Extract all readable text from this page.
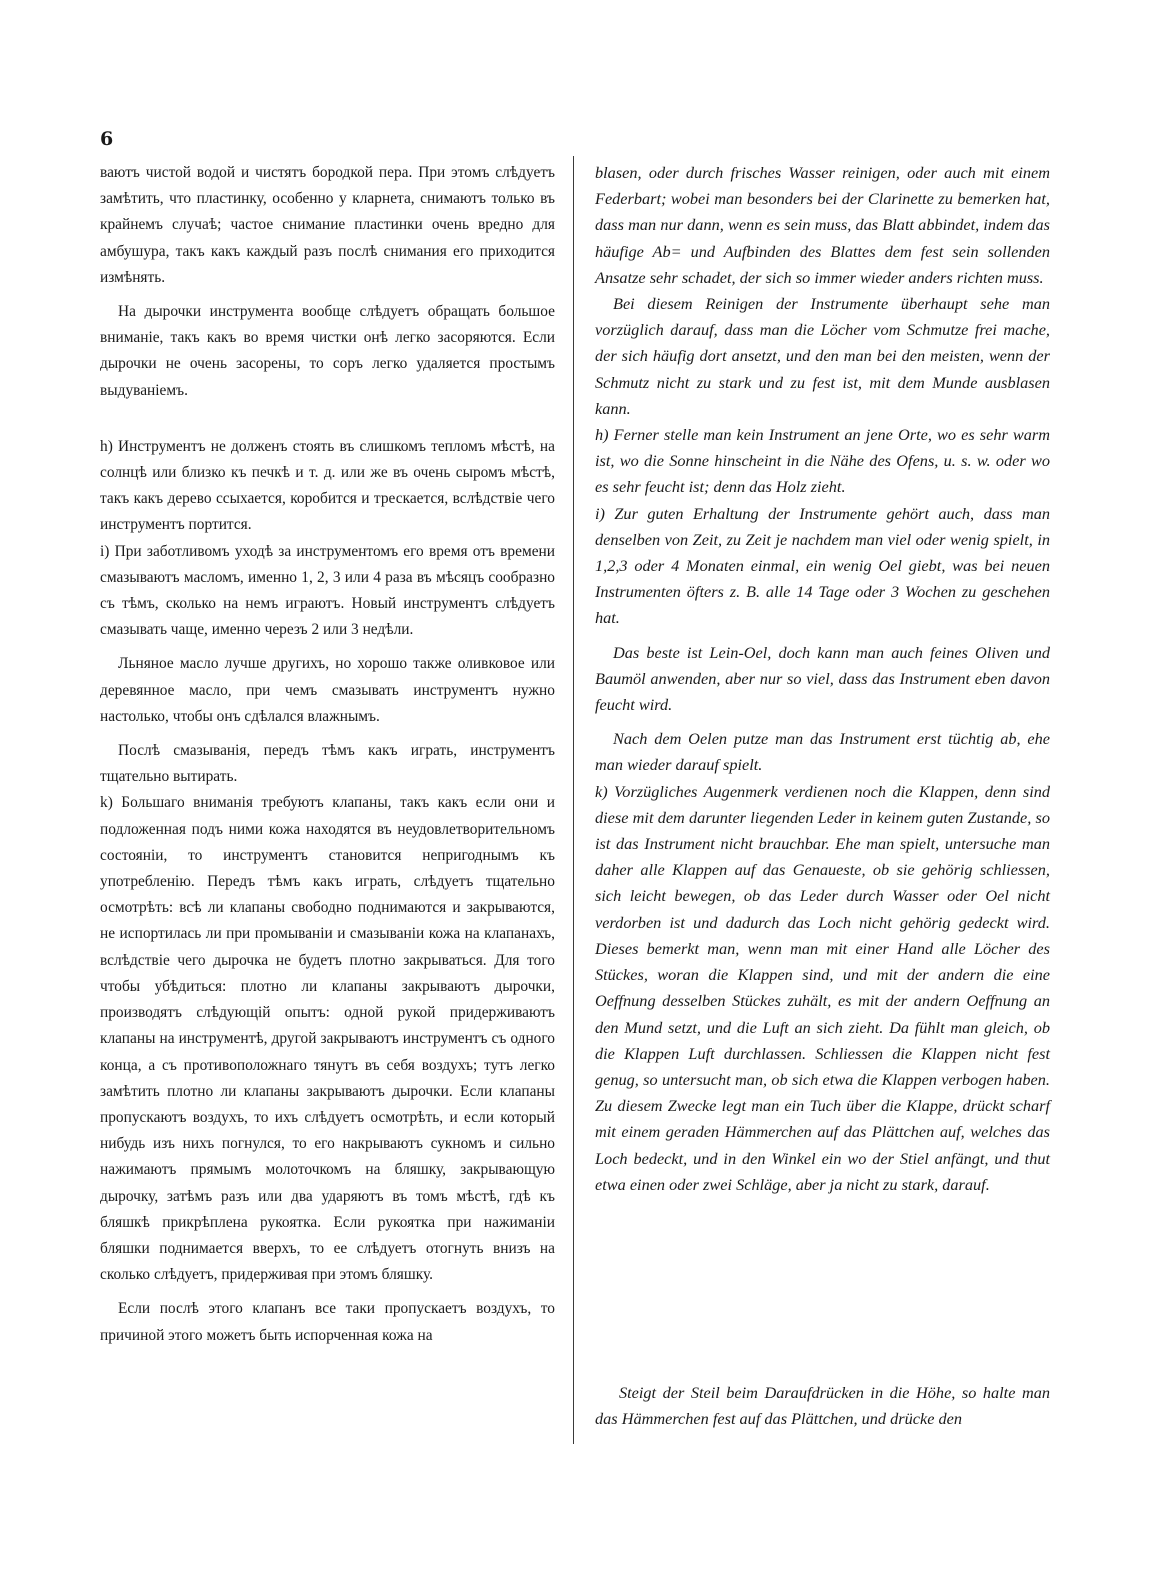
6

ваютъ чистой водой и чистятъ бородкой пера. При этомъ слѣдуетъ замѣтить, что пластинку, особенно у кларнета, снимаютъ только въ крайнемъ случаѣ; частое снимание пластинки очень вредно для амбушура, такъ какъ каждый разъ послѣ снимания его приходится измѣнять.

На дырочки инструмента вообще слѣдуетъ обращать большое вниманіе, такъ какъ во время чистки онѣ легко засоряются. Если дырочки не очень засорены, то соръ легко удаляется простымъ выдуваніемъ.

h) Инструментъ не долженъ стоять въ слишкомъ тепломъ мѣстѣ, на солнцѣ или близко къ печкѣ и т. д. или же въ очень сыромъ мѣстѣ, такъ какъ дерево ссыхается, коробится и трескается, вслѣдствіе чего инструментъ портится.

i) При заботливомъ уходѣ за инструментомъ его время отъ времени смазываютъ масломъ, именно 1, 2, 3 или 4 раза въ мѣсяцъ сообразно съ тѣмъ, сколько на немъ играютъ. Новый инструментъ слѣдуетъ смазывать чаще, именно черезъ 2 или 3 недѣли.

Льняное масло лучше другихъ, но хорошо также оливковое или деревянное масло, при чемъ смазывать инструментъ нужно настолько, чтобы онъ сдѣлался влажнымъ.

Послѣ смазыванія, передъ тѣмъ какъ играть, инструментъ тщательно вытирать.

k) Большаго вниманія требуютъ клапаны, такъ какъ если они и подложенная подъ ними кожа находятся въ неудовлетворительномъ состояніи, то инструментъ становится непригоднымъ къ употребленію. Передъ тѣмъ какъ играть, слѣдуетъ тщательно осмотрѣть: всѣ ли клапаны свободно поднимаются и закрываются, не испортилась ли при промываніи и смазываніи кожа на клапанахъ, вслѣдствіе чего дырочка не будетъ плотно закрываться. Для того чтобы убѣдиться: плотно ли клапаны закрываютъ дырочки, производятъ слѣдующій опытъ: одной рукой придерживаютъ клапаны на инструментѣ, другой закрываютъ инструментъ съ одного конца, а съ противоположнаго тянутъ въ себя воздухъ; тутъ легко замѣтить плотно ли клапаны закрываютъ дырочки. Если клапаны пропускаютъ воздухъ, то ихъ слѣдуетъ осмотрѣть, и если который нибудь изъ нихъ погнулся, то его накрываютъ сукномъ и сильно нажимаютъ прямымъ молоточкомъ на бляшку, закрывающую дырочку, затѣмъ разъ или два ударяютъ въ томъ мѣстѣ, гдѣ къ бляшкѣ прикрѣплена рукоятка. Если рукоятка при нажиманіи бляшки поднимается вверхъ, то ее слѣдуетъ отогнуть внизъ на сколько слѣдуетъ, придерживая при этомъ бляшку.

Если послѣ этого клапанъ все таки пропускаетъ воздухъ, то причиной этого можетъ быть испорченная кожа на

blasen, oder durch frisches Wasser reinigen, oder auch mit einem Federbart; wobei man besonders bei der Clarinette zu bemerken hat, dass man nur dann, wenn es sein muss, das Blatt abbindet, indem das häufige Ab= und Aufbinden des Blattes dem fest sein sollenden Ansatze sehr schadet, der sich so immer wieder anders richten muss.

Bei diesem Reinigen der Instrumente überhaupt sehe man vorzüglich darauf, dass man die Löcher vom Schmutze frei mache, der sich häufig dort ansetzt, und den man bei den meisten, wenn der Schmutz nicht zu stark und zu fest ist, mit dem Munde ausblasen kann.

h) Ferner stelle man kein Instrument an jene Orte, wo es sehr warm ist, wo die Sonne hinscheint in die Nähe des Ofens, u. s. w. oder wo es sehr feucht ist; denn das Holz zieht.

i) Zur guten Erhaltung der Instrumente gehört auch, dass man denselben von Zeit, zu Zeit je nachdem man viel oder wenig spielt, in 1,2,3 oder 4 Monaten einmal, ein wenig Oel giebt, was bei neuen Instrumenten öfters z. B. alle 14 Tage oder 3 Wochen zu geschehen hat.

Das beste ist Lein-Oel, doch kann man auch feines Oliven und Baumöl anwenden, aber nur so viel, dass das Instrument eben davon feucht wird.

Nach dem Oelen putze man das Instrument erst tüchtig ab, ehe man wieder darauf spielt.

k) Vorzügliches Augenmerk verdienen noch die Klappen, denn sind diese mit dem darunter liegenden Leder in keinem guten Zustande, so ist das Instrument nicht brauchbar. Ehe man spielt, untersuche man daher alle Klappen auf das Genaueste, ob sie gehörig schliessen, sich leicht bewegen, ob das Leder durch Wasser oder Oel nicht verdorben ist und dadurch das Loch nicht gehörig gedeckt wird. Dieses bemerkt man, wenn man mit einer Hand alle Löcher des Stückes, woran die Klappen sind, und mit der andern die eine Oeffnung desselben Stückes zuhält, es mit der andern Oeffnung an den Mund setzt, und die Luft an sich zieht. Da fühlt man gleich, ob die Klappen Luft durchlassen. Schliessen die Klappen nicht fest genug, so untersucht man, ob sich etwa die Klappen verbogen haben. Zu diesem Zwecke legt man ein Tuch über die Klappe, drückt scharf mit einem geraden Hämmerchen auf das Plättchen auf, welches das Loch bedeckt, und in den Winkel ein wo der Stiel anfängt, und thut etwa einen oder zwei Schläge, aber ja nicht zu stark, darauf.

Steigt der Steil beim Daraufdrücken in die Höhe, so halte man das Hämmerchen fest auf das Plättchen, und drücke den
